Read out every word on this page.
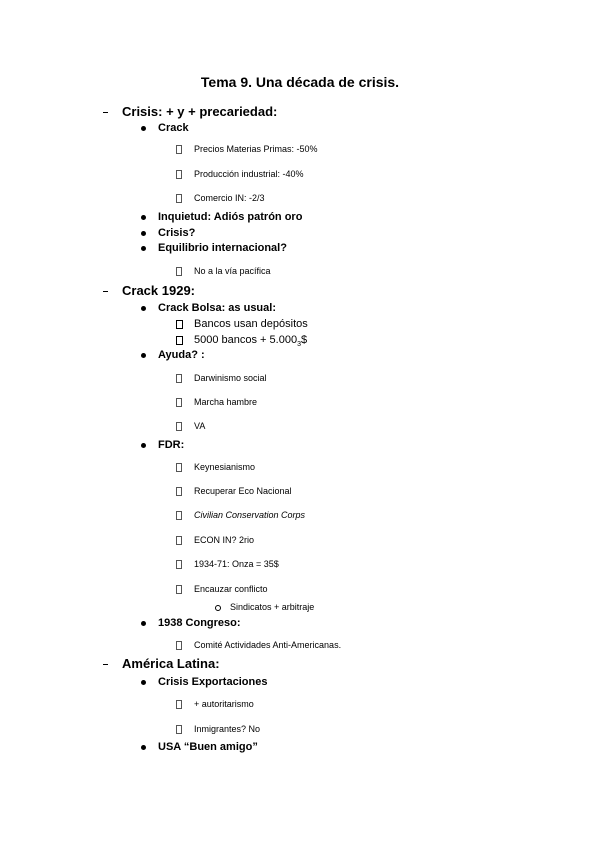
Tema 9. Una década de crisis.
Crisis: + y + precariedad:
Crack
Precios Materias Primas: -50%
Producción industrial: -40%
Comercio IN: -2/3
Inquietud: Adiós patrón oro
Crisis?
Equilibrio internacional?
No a la vía pacífica
Crack 1929:
Crack Bolsa: as usual:
Bancos usan depósitos
5000 $bancos + 5.000_3\$$
Ayuda? :
Darwinismo social
Marcha hambre
VA
FDR:
Keynesianismo
Recuperar Eco Nacional
Civilian Conservation Corps
ECON IN? 2rio
1934-71: Onza = 35$
Encauzar conflicto
Sindicatos + arbitraje
1938 Congreso:
Comité Actividades Anti-Americanas.
América Latina:
Crisis Exportaciones
+ autoritarismo
Inmigrantes? No
USA “Buen amigo”
